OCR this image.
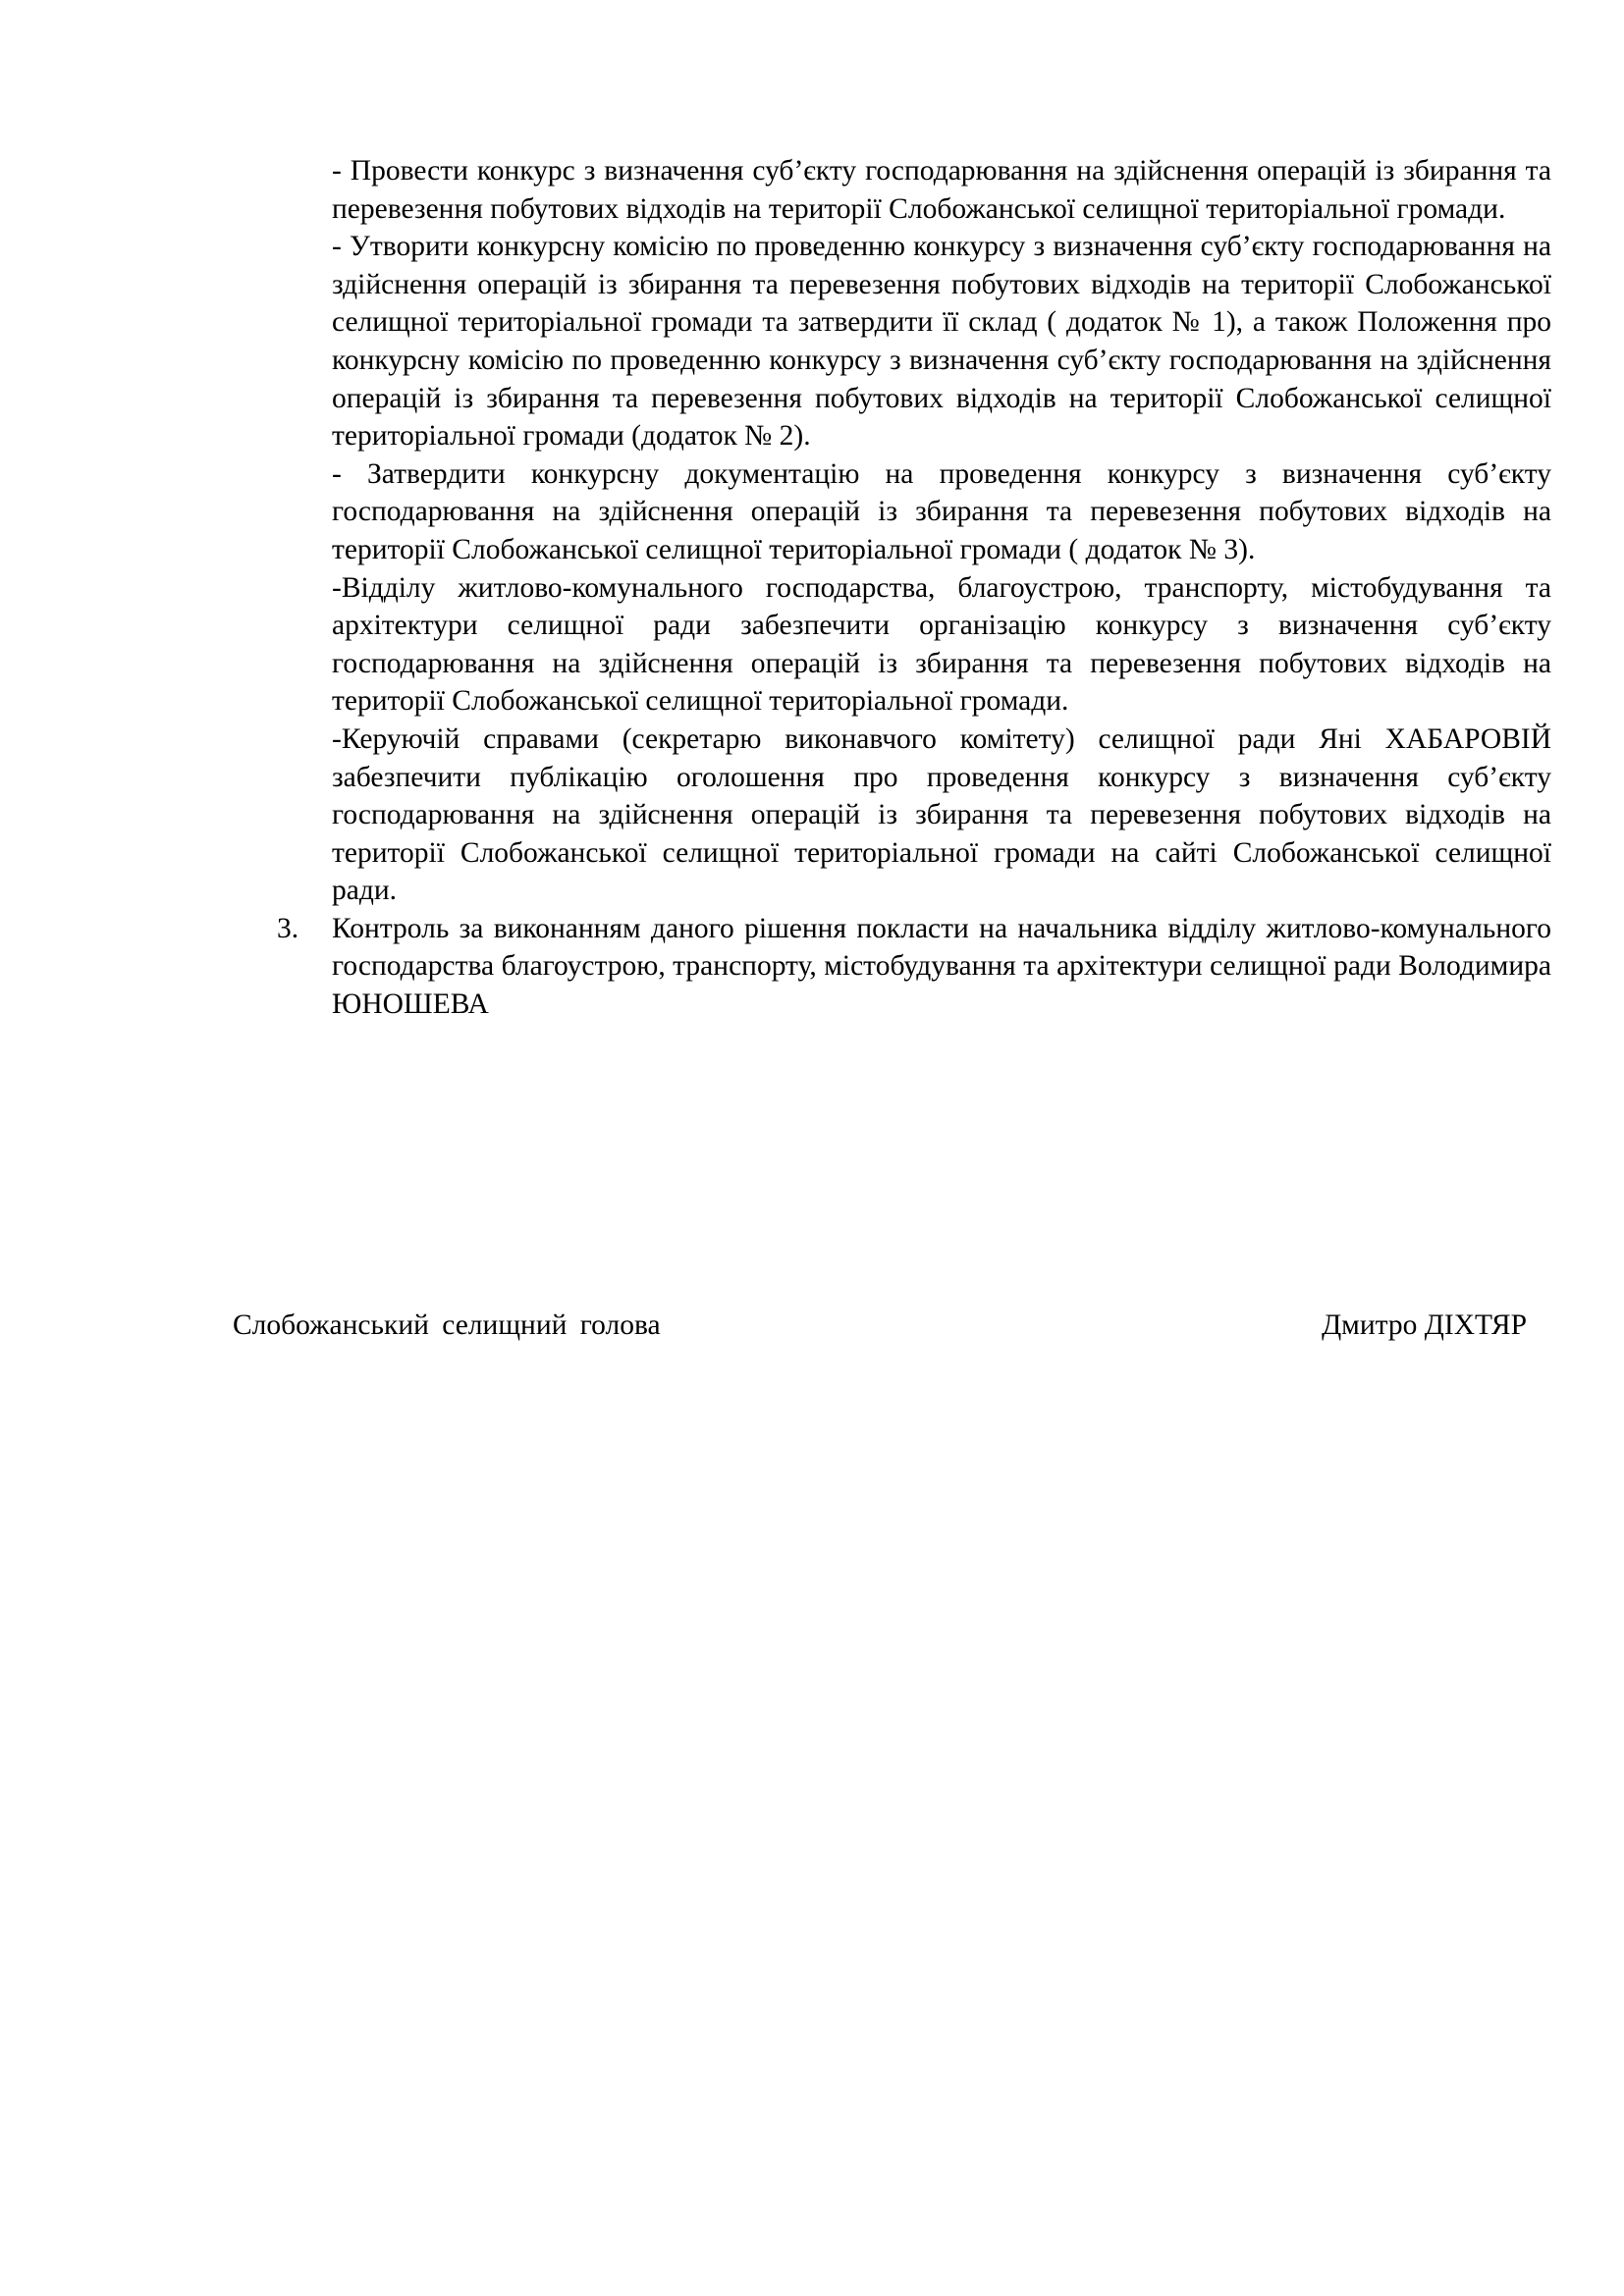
- Провести конкурс з визначення суб’єкту господарювання на здійснення операцій із збирання та перевезення побутових відходів на території Слобожанської селищної територіальної громади.

- Утворити конкурсну комісію по проведенню конкурсу з визначення суб’єкту господарювання на здійснення операцій із збирання та перевезення побутових відходів на території Слобожанської селищної територіальної громади та затвердити її склад ( додаток № 1), а також Положення про конкурсну комісію по проведенню конкурсу з визначення суб’єкту господарювання на здійснення операцій із збирання та перевезення побутових відходів на території Слобожанської селищної територіальної громади (додаток № 2).

- Затвердити конкурсну документацію на проведення конкурсу з визначення суб’єкту господарювання на здійснення операцій із збирання та перевезення побутових відходів на території Слобожанської селищної територіальної громади ( додаток № 3).

-Відділу житлово-комунального господарства, благоустрою, транспорту, містобудування та архітектури селищної ради забезпечити організацію конкурсу з визначення суб’єкту господарювання на здійснення операцій із збирання та перевезення побутових відходів на території Слобожанської селищної територіальної громади.

-Керуючій справами (секретарю виконавчого комітету) селищної ради Яні ХАБАРОВІЙ забезпечити публікацію оголошення про проведення конкурсу з визначення суб’єкту господарювання на здійснення операцій із збирання та перевезення побутових відходів на території Слобожанської селищної територіальної громади на сайті Слобожанської селищної ради.

3. Контроль за виконанням даного рішення покласти на начальника відділу житлово-комунального господарства благоустрою, транспорту, містобудування та архітектури селищної ради Володимира ЮНОШЕВА

Слобожанський селищний голова	Дмитро ДІХТЯР
